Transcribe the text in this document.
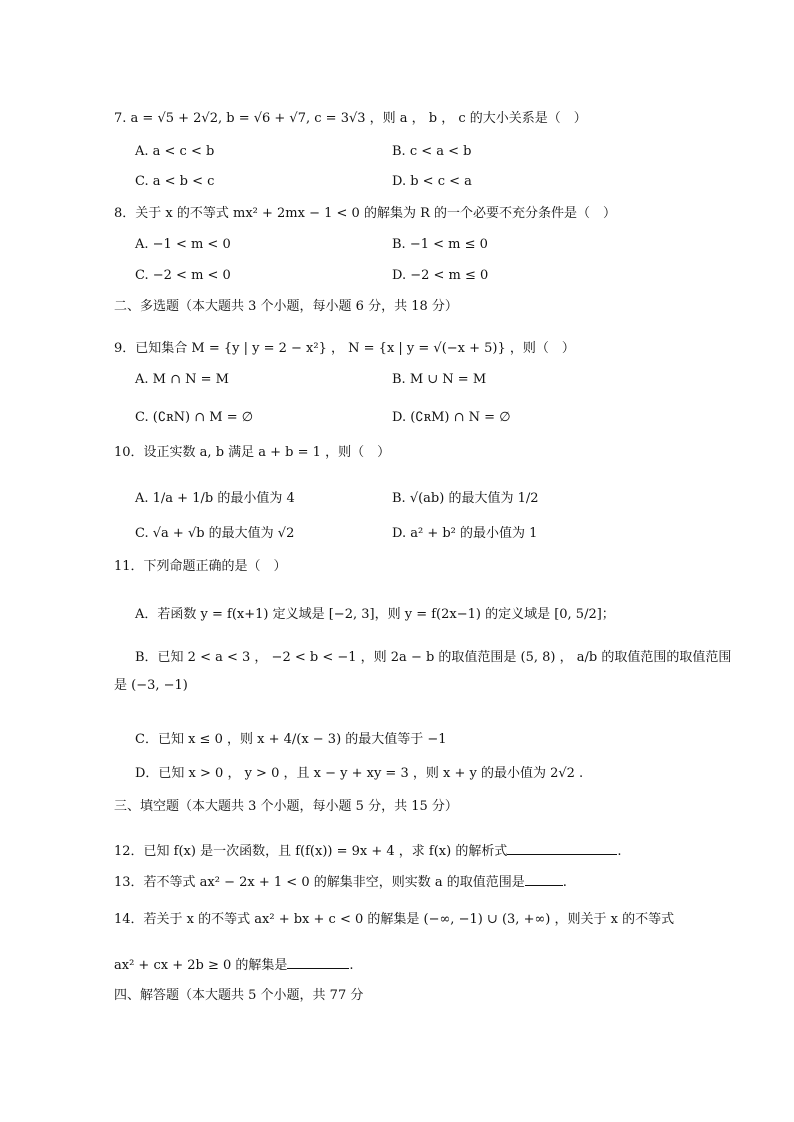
7. a = √5 + 2√2, b = √6 + √7, c = 3√3 ，则 a ， b ， c 的大小关系是（　）
A. a < c < b	B. c < a < b
C. a < b < c	D. b < c < a
8．关于 x 的不等式 mx² + 2mx − 1 < 0 的解集为 R 的一个必要不充分条件是（　）
A. −1 < m < 0	B. −1 < m ≤ 0
C. −2 < m < 0	D. −2 < m ≤ 0
二、多选题（本大题共 3 个小题，每小题 6 分，共 18 分）
9．已知集合 M = {y | y = 2 − x²} ， N = {x | y = √(−x + 5)} ，则（　）
A. M ∩ N = M	B. M ∪ N = M
C. (∁ʀN) ∩ M = ∅	D. (∁ʀM) ∩ N = ∅
10．设正实数 a, b 满足 a + b = 1 ，则（　）
A. 1/a + 1/b 的最小值为 4	B. √(ab) 的最大值为 1/2
C. √a + √b 的最大值为 √2	D. a² + b² 的最小值为 1
11．下列命题正确的是（　）
A．若函数 y = f(x+1) 定义域是 [−2, 3]，则 y = f(2x−1) 的定义域是 [0, 5/2]；
B．已知 2 < a < 3 ， −2 < b < −1 ，则 2a − b 的取值范围是 (5, 8) ， a/b 的取值范围的取值范围
是 (−3, −1)
C．已知 x ≤ 0 ，则 x + 4/(x − 3) 的最大值等于 −1
D．已知 x > 0 ， y > 0 ，且 x − y + xy = 3 ，则 x + y 的最小值为 2√2 .
三、填空题（本大题共 3 个小题，每小题 5 分，共 15 分）
12．已知 f(x) 是一次函数，且 f(f(x)) = 9x + 4 ，求 f(x) 的解析式	.
13．若不等式 ax² − 2x + 1 < 0 的解集非空，则实数 a 的取值范围是	.
14．若关于 x 的不等式 ax² + bx + c < 0 的解集是 (−∞, −1) ∪ (3, +∞) ，则关于 x 的不等式
ax² + cx + 2b ≥ 0 的解集是	.
四、解答题（本大题共 5 个小题，共 77 分
